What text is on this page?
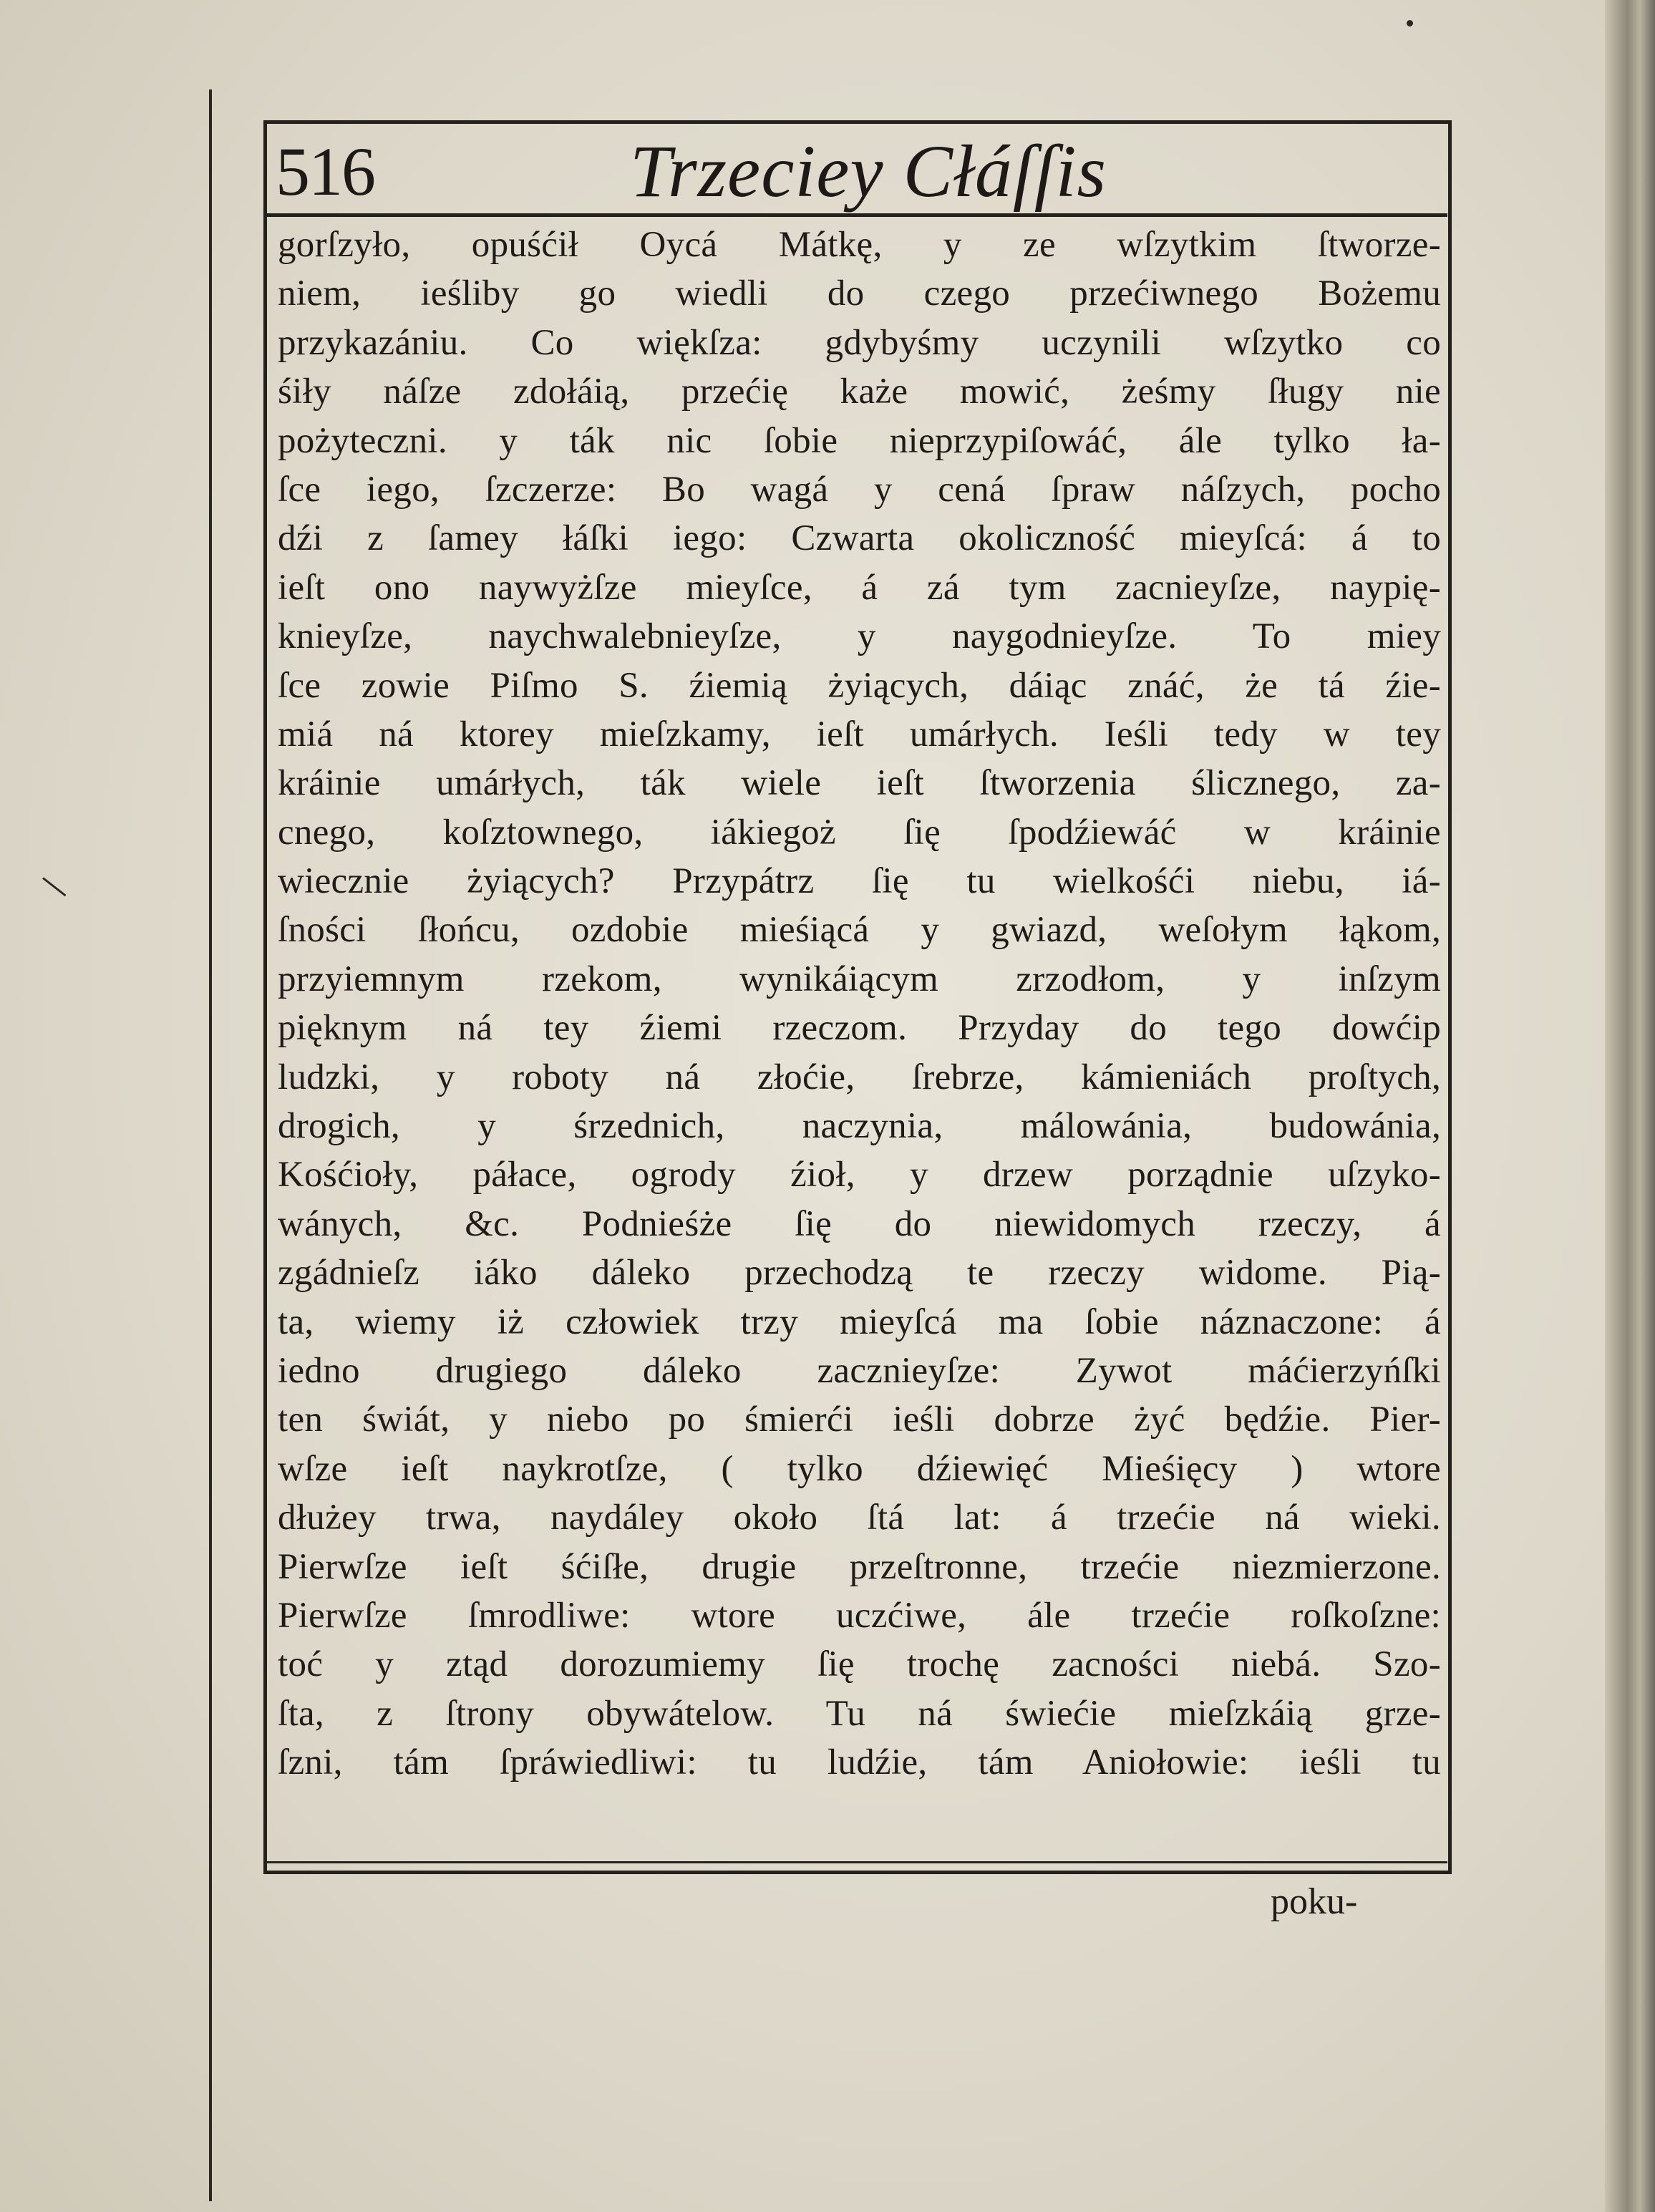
516	Trzeciey Cłáſſis
gorſzyło, opuśćił Oycá Mátkę, y ze wſzytkim ſtworze-
niem, ieśliby go wiedli do czego przećiwnego Bożemu
przykazániu. Co więkſza: gdybyśmy uczynili wſzytko co
śiły náſze zdołáią, przećię każe mowić, żeśmy ſługy nie
pożyteczni. y ták nic ſobie nieprzypiſowáć, ále tylko ła-
ſce iego, ſzczerze: Bo wagá y cená ſpraw náſzych, pocho
dźi z ſamey łáſki iego: Czwarta okoliczność mieyſcá: á to
ieſt ono naywyżſze mieyſce, á zá tym zacnieyſze, naypię-
knieyſze, naychwalebnieyſze, y naygodnieyſze. To miey
ſce zowie Piſmo S. źiemią żyiących, dáiąc znáć, że tá źie-
miá ná ktorey mieſzkamy, ieſt umárłych. Ieśli tedy w tey
kráinie umárłych, ták wiele ieſt ſtworzenia ślicznego, za-
cnego, koſztownego, iákiegoż ſię ſpodźiewáć w kráinie
wiecznie żyiących? Przypátrz ſię tu wielkośći niebu, iá-
ſności ſłońcu, ozdobie mieśiącá y gwiazd, weſołym łąkom,
przyiemnym rzekom, wynikáiącym zrzodłom, y inſzym
pięknym ná tey źiemi rzeczom. Przyday do tego dowćip
ludzki, y roboty ná złoćie, ſrebrze, kámieniách proſtych,
drogich, y śrzednich, naczynia, málowánia, budowánia,
Kośćioły, páłace, ogrody źioł, y drzew porządnie uſzyko-
wánych, &c. Podnieśże ſię do niewidomych rzeczy, á
zgádnieſz iáko dáleko przechodzą te rzeczy widome. Pią-
ta, wiemy iż człowiek trzy mieyſcá ma ſobie náznaczone: á
iedno drugiego dáleko zacznieyſze: Zywot máćierzyńſki
ten świát, y niebo po śmierći ieśli dobrze żyć będźie. Pier-
wſze ieſt naykrotſze, ( tylko dźiewięć Mieśięcy ) wtore
dłużey trwa, naydáley około ſtá lat: á trzećie ná wieki.
Pierwſze ieſt śćiſłe, drugie przeſtronne, trzećie niezmierzone.
Pierwſze ſmrodliwe: wtore uczćiwe, ále trzećie roſkoſzne:
toć y ztąd dorozumiemy ſię trochę zacności niebá. Szo-
ſta, z ſtrony obywátelow. Tu ná świećie mieſzkáią grze-
ſzni, tám ſpráwiedliwi: tu ludźie, tám Aniołowie: ieśli tu
poku-
